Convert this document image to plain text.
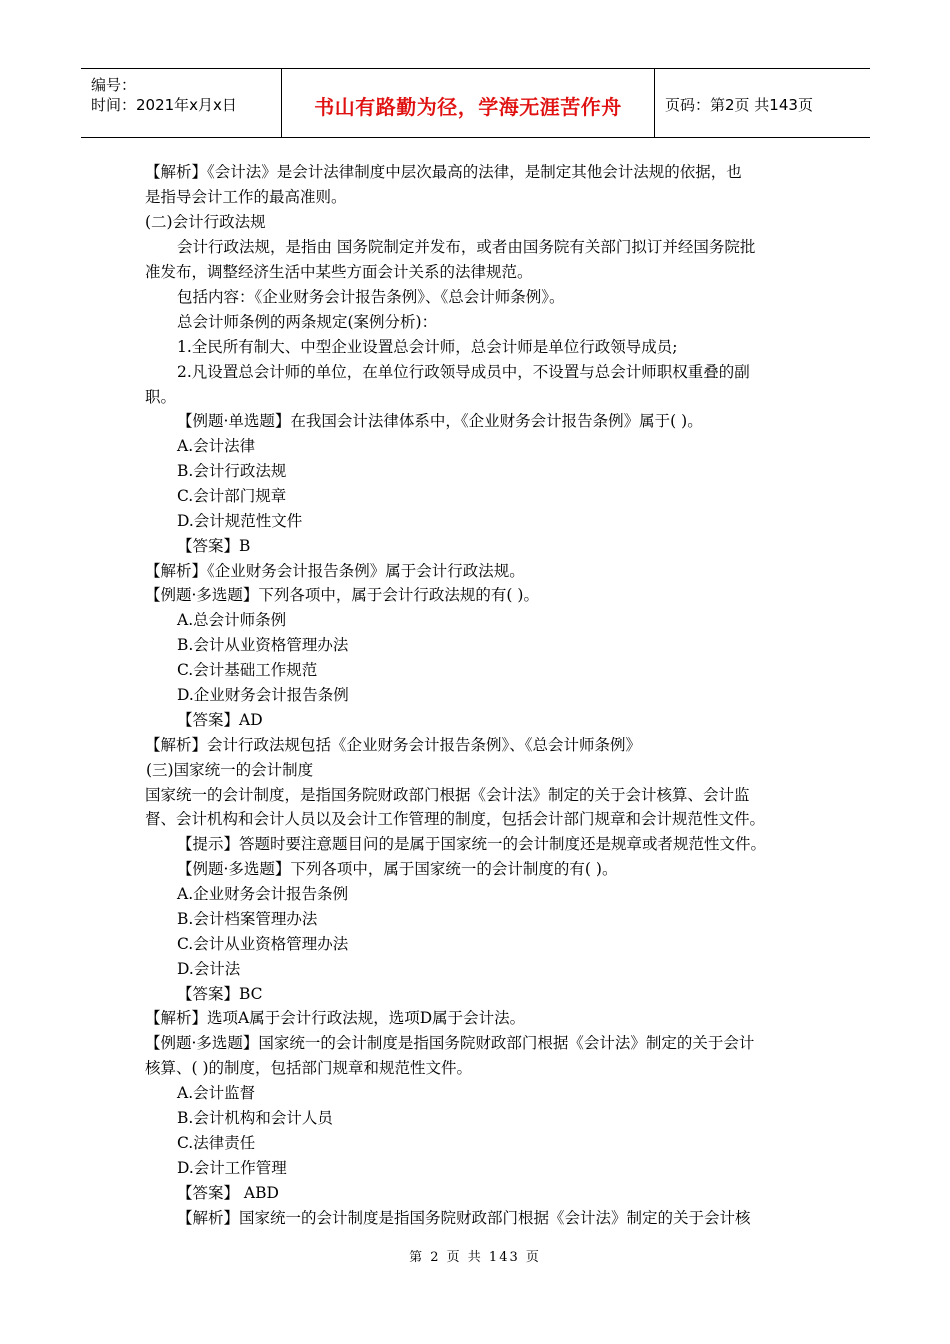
编号：
时间：2021年x月x日	书山有路勤为径，学海无涯苦作舟	页码：第2页 共143页
【解析】《会计法》是会计法律制度中层次最高的法律，是制定其他会计法规的依据，也
是指导会计工作的最高准则。
(二)会计行政法规
会计行政法规，是指由 国务院制定并发布，或者由国务院有关部门拟订并经国务院批
准发布，调整经济生活中某些方面会计关系的法律规范。
包括内容：《企业财务会计报告条例》、《总会计师条例》。
总会计师条例的两条规定(案例分析)：
1.全民所有制大、中型企业设置总会计师，总会计师是单位行政领导成员;
2.凡设置总会计师的单位，在单位行政领导成员中，不设置与总会计师职权重叠的副
职。
【例题·单选题】在我国会计法律体系中，《企业财务会计报告条例》属于( )。
A.会计法律
B.会计行政法规
C.会计部门规章
D.会计规范性文件
【答案】B
【解析】《企业财务会计报告条例》属于会计行政法规。
【例题·多选题】下列各项中，属于会计行政法规的有( )。
A.总会计师条例
B.会计从业资格管理办法
C.会计基础工作规范
D.企业财务会计报告条例
【答案】AD
【解析】会计行政法规包括《企业财务会计报告条例》、《总会计师条例》
(三)国家统一的会计制度
国家统一的会计制度，是指国务院财政部门根据《会计法》制定的关于会计核算、会计监
督、会计机构和会计人员以及会计工作管理的制度，包括会计部门规章和会计规范性文件。
【提示】答题时要注意题目问的是属于国家统一的会计制度还是规章或者规范性文件。
【例题·多选题】下列各项中，属于国家统一的会计制度的有( )。
A.企业财务会计报告条例
B.会计档案管理办法
C.会计从业资格管理办法
D.会计法
【答案】BC
【解析】选项A属于会计行政法规，选项D属于会计法。
【例题·多选题】国家统一的会计制度是指国务院财政部门根据《会计法》制定的关于会计
核算、( )的制度，包括部门规章和规范性文件。
A.会计监督
B.会计机构和会计人员
C.法律责任
D.会计工作管理
【答案】 ABD
【解析】国家统一的会计制度是指国务院财政部门根据《会计法》制定的关于会计核
第 2 页 共 143 页
